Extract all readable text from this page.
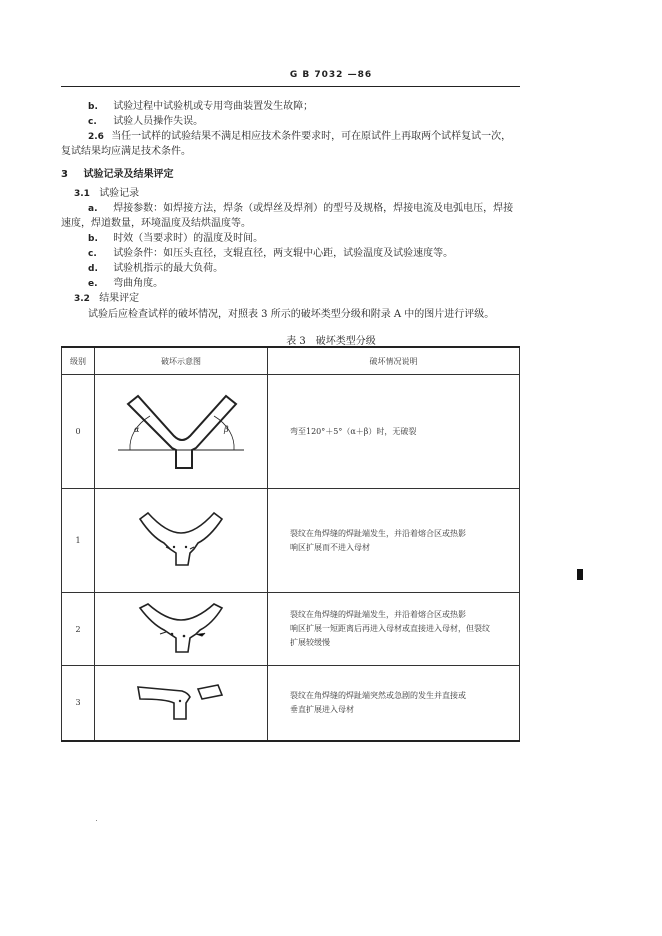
G B 7032 —86
b. 试验过程中试验机或专用弯曲装置发生故障；
c. 试验人员操作失误。
2.6 当任一试样的试验结果不满足相应技术条件要求时，可在原试件上再取两个试样复试一次，
复试结果均应满足技术条件。
3 试验记录及结果评定
3.1 试验记录
a. 焊接参数：如焊接方法，焊条（或焊丝及焊剂）的型号及规格，焊接电流及电弧电压，焊接
速度，焊道数量，环境温度及结烘温度等。
b. 时效（当要求时）的温度及时间。
c. 试验条件：如压头直径，支辊直径，两支辊中心距，试验温度及试验速度等。
d. 试验机指示的最大负荷。
e. 弯曲角度。
3.2 结果评定
试验后应检查试样的破坏情况，对照表 3 所示的破坏类型分级和附录 A 中的图片进行评级。
表 3　破坏类型分级
级别	破坏示意图	破坏情况说明
0	α β	弯至120°＋5°（α＋β）时，无破裂

1		裂纹在角焊缝的焊趾端发生，并沿着熔合区或热影
响区扩展而不进入母材

2		裂纹在角焊缝的焊趾端发生，并沿着熔合区或热影
响区扩展一短距离后再进入母材或直接进入母材，但裂纹
扩展较缓慢

3		裂纹在角焊缝的焊趾端突然或急剧的发生并直接或
垂直扩展进入母材
